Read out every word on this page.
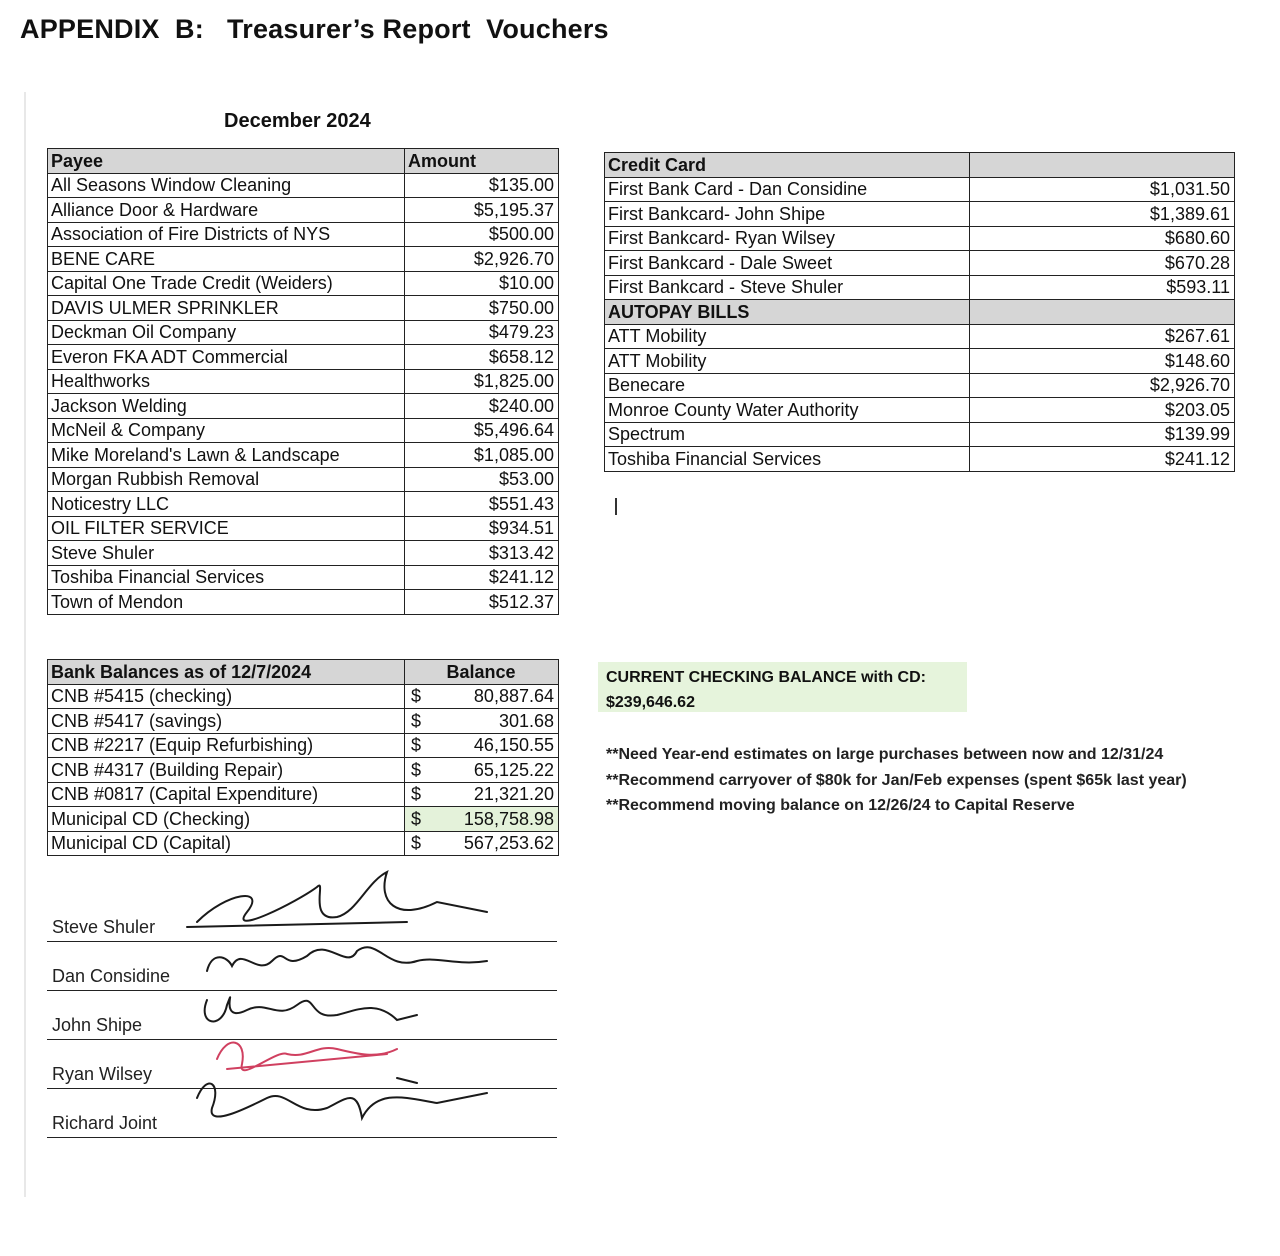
APPENDIX  B:   Treasurer’s Report  Vouchers
December 2024
Payee	Amount
All Seasons Window Cleaning	$135.00
Alliance Door & Hardware	$5,195.37
Association of Fire Districts of NYS	$500.00
BENE CARE	$2,926.70
Capital One Trade Credit (Weiders)	$10.00
DAVIS ULMER SPRINKLER	$750.00
Deckman Oil Company	$479.23
Everon FKA ADT Commercial	$658.12
Healthworks	$1,825.00
Jackson Welding	$240.00
McNeil & Company	$5,496.64
Mike Moreland's Lawn & Landscape	$1,085.00
Morgan Rubbish Removal	$53.00
Noticestry LLC	$551.43
OIL FILTER SERVICE	$934.51
Steve Shuler	$313.42
Toshiba Financial Services	$241.12
Town of Mendon	$512.37
Credit Card	
First Bank Card - Dan Considine	$1,031.50
First Bankcard- John Shipe	$1,389.61
First Bankcard- Ryan Wilsey	$680.60
First Bankcard - Dale Sweet	$670.28
First Bankcard - Steve Shuler	$593.11
AUTOPAY BILLS	
ATT Mobility	$267.61
ATT Mobility	$148.60
Benecare	$2,926.70
Monroe County Water Authority	$203.05
Spectrum	$139.99
Toshiba Financial Services	$241.12
Bank Balances as of 12/7/2024	Balance
CNB #5415 (checking)	$ 80,887.64

CNB #5417 (savings)	$ 301.68

CNB #2217 (Equip Refurbishing)	$ 46,150.55

CNB #4317 (Building Repair)	$ 65,125.22

CNB #0817 (Capital Expenditure)	$ 21,321.20

Municipal CD (Checking)	$ 158,758.98

Municipal CD (Capital)	$ 567,253.62
CURRENT CHECKING BALANCE with CD:
$239,646.62
**Need Year-end estimates on large purchases between now and 12/31/24
**Recommend carryover of $80k for Jan/Feb expenses (spent $65k last year)
**Recommend moving balance on 12/26/24 to Capital Reserve
Steve Shuler
Dan Considine
John Shipe
Ryan Wilsey
Richard Joint
